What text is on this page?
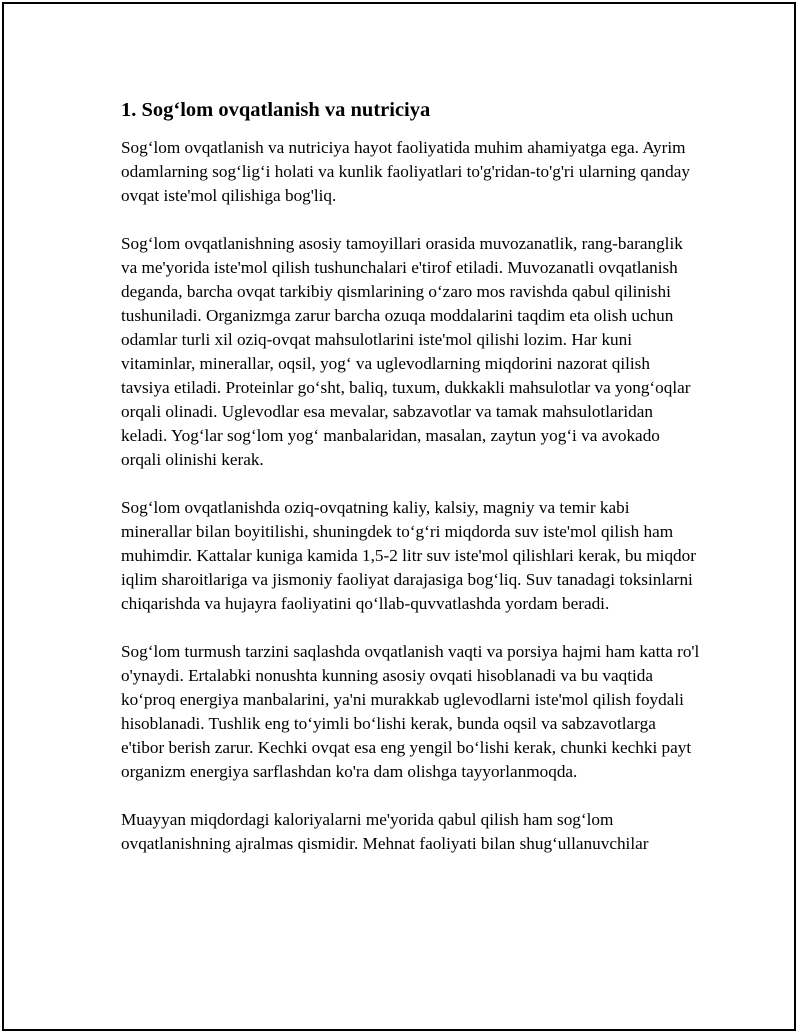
1. Sog‘lom ovqatlanish va nutriciya

Sog‘lom ovqatlanish va nutriciya hayot faoliyatida muhim ahamiyatga ega. Ayrim odamlarning sog‘lig‘i holati va kunlik faoliyatlari to'g'ridan-to'g'ri ularning qanday ovqat iste'mol qilishiga bog'liq.

Sog‘lom ovqatlanishning asosiy tamoyillari orasida muvozanatlik, rang-baranglik va me'yorida iste'mol qilish tushunchalari e'tirof etiladi. Muvozanatli ovqatlanish deganda, barcha ovqat tarkibiy qismlarining o‘zaro mos ravishda qabul qilinishi tushuniladi. Organizmga zarur barcha ozuqa moddalarini taqdim eta olish uchun odamlar turli xil oziq-ovqat mahsulotlarini iste'mol qilishi lozim. Har kuni vitaminlar, minerallar, oqsil, yog‘ va uglevodlarning miqdorini nazorat qilish tavsiya etiladi. Proteinlar go‘sht, baliq, tuxum, dukkakli mahsulotlar va yong‘oqlar orqali olinadi. Uglevodlar esa mevalar, sabzavotlar va tamak mahsulotlaridan keladi. Yog‘lar sog‘lom yog‘ manbalaridan, masalan, zaytun yog‘i va avokado orqali olinishi kerak.

Sog‘lom ovqatlanishda oziq-ovqatning kaliy, kalsiy, magniy va temir kabi minerallar bilan boyitilishi, shuningdek to‘g‘ri miqdorda suv iste'mol qilish ham muhimdir. Kattalar kuniga kamida 1,5-2 litr suv iste'mol qilishlari kerak, bu miqdor iqlim sharoitlariga va jismoniy faoliyat darajasiga bog‘liq. Suv tanadagi toksinlarni chiqarishda va hujayra faoliyatini qo‘llab-quvvatlashda yordam beradi.

Sog‘lom turmush tarzini saqlashda ovqatlanish vaqti va porsiya hajmi ham katta ro'l o'ynaydi. Ertalabki nonushta kunning asosiy ovqati hisoblanadi va bu vaqtida ko‘proq energiya manbalarini, ya'ni murakkab uglevodlarni iste'mol qilish foydali hisoblanadi. Tushlik eng to‘yimli bo‘lishi kerak, bunda oqsil va sabzavotlarga e'tibor berish zarur. Kechki ovqat esa eng yengil bo‘lishi kerak, chunki kechki payt organizm energiya sarflashdan ko'ra dam olishga tayyorlanmoqda.

Muayyan miqdordagi kaloriyalarni me'yorida qabul qilish ham sog‘lom ovqatlanishning ajralmas qismidir. Mehnat faoliyati bilan shug‘ullanuvchilar
